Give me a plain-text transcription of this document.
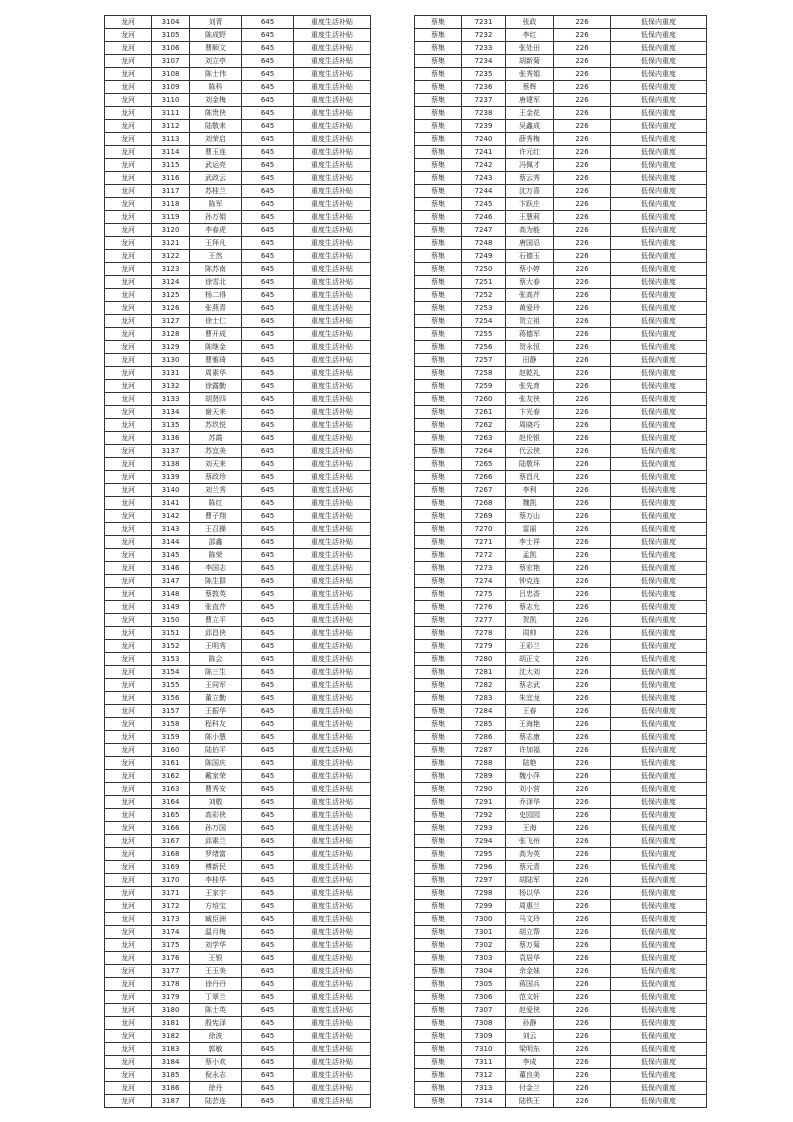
龙河	3104	刘青	645	重度生活补贴
龙河	3105	陈成野	645	重度生活补贴
龙河	3106	曹顺文	645	重度生活补贴
龙河	3107	刘立亭	645	重度生活补贴
龙河	3108	陈士伟	645	重度生活补贴
龙河	3109	陈科	645	重度生活补贴
龙河	3110	刘金梅	645	重度生活补贴
龙河	3111	陈贵侠	645	重度生活补贴
龙河	3112	陆敬来	645	重度生活补贴
龙河	3113	刘荣启	645	重度生活补贴
龙河	3114	曹玉连	645	重度生活补贴
龙河	3115	武运亮	645	重度生活补贴
龙河	3116	武政云	645	重度生活补贴
龙河	3117	苏桂兰	645	重度生活补贴
龙河	3118	陈军	645	重度生活补贴
龙河	3119	孙万娟	645	重度生活补贴
龙河	3120	李春虎	645	重度生活补贴
龙河	3121	王拜凡	645	重度生活补贴
龙河	3122	王然	645	重度生活补贴
龙河	3123	陈苏南	645	重度生活补贴
龙河	3124	徐雪北	645	重度生活补贴
龙河	3125	杨二得	645	重度生活补贴
龙河	3126	张燕青	645	重度生活补贴
龙河	3127	徐士仁	645	重度生活补贴
龙河	3128	曹开成	645	重度生活补贴
龙河	3129	陈继金	645	重度生活补贴
龙河	3130	曹雅琦	645	重度生活补贴
龙河	3131	周素华	645	重度生活补贴
龙河	3132	徐露勤	645	重度生活补贴
龙河	3133	胡贤四	645	重度生活补贴
龙河	3134	谢天来	645	重度生活补贴
龙河	3135	苏玖悦	645	重度生活补贴
龙河	3136	苏霞	645	重度生活补贴
龙河	3137	苏宜美	645	重度生活补贴
龙河	3138	刘天来	645	重度生活补贴
龙河	3139	蔡政珍	645	重度生活补贴
龙河	3140	刘兰秀	645	重度生活补贴
龙河	3141	陈红	645	重度生活补贴
龙河	3142	曹子翔	645	重度生活补贴
龙河	3143	王召操	645	重度生活补贴
龙河	3144	邵鑫	645	重度生活补贴
龙河	3145	陈荣	645	重度生活补贴
龙河	3146	李国志	645	重度生活补贴
龙河	3147	陈生群	645	重度生活补贴
龙河	3148	蔡敦英	645	重度生活补贴
龙河	3149	张直芹	645	重度生活补贴
龙河	3150	曹立平	645	重度生活补贴
龙河	3151	邱昌侠	645	重度生活补贴
龙河	3152	王明秀	645	重度生活补贴
龙河	3153	陈会	645	重度生活补贴
龙河	3154	陈三生	645	重度生活补贴
龙河	3155	王同军	645	重度生活补贴
龙河	3156	董立勤	645	重度生活补贴
龙河	3157	王振华	645	重度生活补贴
龙河	3158	程科友	645	重度生活补贴
龙河	3159	陈小慧	645	重度生活补贴
龙河	3160	陆伯平	645	重度生活补贴
龙河	3161	陈国庆	645	重度生活补贴
龙河	3162	戴家荣	645	重度生活补贴
龙河	3163	曹秀安	645	重度生活补贴
龙河	3164	刘敬	645	重度生活补贴
龙河	3165	高彩侠	645	重度生活补贴
龙河	3166	孙万国	645	重度生活补贴
龙河	3167	邱素兰	645	重度生活补贴
龙河	3168	罗绪富	645	重度生活补贴
龙河	3169	傅新民	645	重度生活补贴
龙河	3170	李桂华	645	重度生活补贴
龙河	3171	王家宇	645	重度生活补贴
龙河	3172	方培宝	645	重度生活补贴
龙河	3173	臧臣洲	645	重度生活补贴
龙河	3174	温月梅	645	重度生活补贴
龙河	3175	刘学华	645	重度生活补贴
龙河	3176	王银	645	重度生活补贴
龙河	3177	王玉美	645	重度生活补贴
龙河	3178	徐丹丹	645	重度生活补贴
龙河	3179	丁翠兰	645	重度生活补贴
龙河	3180	陈士英	645	重度生活补贴
龙河	3181	殷宪泽	645	重度生活补贴
龙河	3182	徐波	645	重度生活补贴
龙河	3183	郭敏	645	重度生活补贴
龙河	3184	蔡小欢	645	重度生活补贴
龙河	3185	倪永志	645	重度生活补贴
龙河	3186	徐丹	645	重度生活补贴
龙河	3187	陆芸连	645	重度生活补贴
蔡集	7231	张政	226	低保内重度
蔡集	7232	李红	226	低保内重度
蔡集	7233	张处田	226	低保内重度
蔡集	7234	胡新菊	226	低保内重度
蔡集	7235	张秀娟	226	低保内重度
蔡集	7236	蔡辉	226	低保内重度
蔡集	7237	唐建军	226	低保内重度
蔡集	7238	王金花	226	低保内重度
蔡集	7239	吴鑫成	226	低保内重度
蔡集	7240	薛秀梅	226	低保内重度
蔡集	7241	许元红	226	低保内重度
蔡集	7242	冯佩才	226	低保内重度
蔡集	7243	蔡云秀	226	低保内重度
蔡集	7244	沈万喜	226	低保内重度
蔡集	7245	卞跃庄	226	低保内重度
蔡集	7246	王慧莉	226	低保内重度
蔡集	7247	高为能	226	低保内重度
蔡集	7248	唐国忍	226	低保内重度
蔡集	7249	石德玉	226	低保内重度
蔡集	7250	蔡小婷	226	低保内重度
蔡集	7251	蔡大春	226	低保内重度
蔡集	7252	张高芹	226	低保内重度
蔡集	7253	黄爱玲	226	低保内重度
蔡集	7254	贺立祖	226	低保内重度
蔡集	7255	蒋德军	226	低保内重度
蔡集	7256	贺永恒	226	低保内重度
蔡集	7257	田静	226	低保内重度
蔡集	7258	赵乾礼	226	低保内重度
蔡集	7259	张先育	226	低保内重度
蔡集	7260	张友侠	226	低保内重度
蔡集	7261	卞光春	226	低保内重度
蔡集	7262	周晓巧	226	低保内重度
蔡集	7263	赵伦银	226	低保内重度
蔡集	7264	代云侠	226	低保内重度
蔡集	7265	陆敬环	226	低保内重度
蔡集	7266	蔡昌凡	226	低保内重度
蔡集	7267	李利	226	低保内重度
蔡集	7268	魏凯	226	低保内重度
蔡集	7269	蔡万山	226	低保内重度
蔡集	7270	雷丽	226	低保内重度
蔡集	7271	李士祥	226	低保内重度
蔡集	7272	孟凯	226	低保内重度
蔡集	7273	蔡宏艳	226	低保内重度
蔡集	7274	钟克连	226	低保内重度
蔡集	7275	吕忠香	226	低保内重度
蔡集	7276	蔡志允	226	低保内重度
蔡集	7277	贺凯	226	低保内重度
蔡集	7278	周帅	226	低保内重度
蔡集	7279	王彩兰	226	低保内重度
蔡集	7280	胡正文	226	低保内重度
蔡集	7281	沈大刘	226	低保内重度
蔡集	7282	蔡志武	226	低保内重度
蔡集	7283	朱宜龙	226	低保内重度
蔡集	7284	王春	226	低保内重度
蔡集	7285	王海艳	226	低保内重度
蔡集	7286	蔡志康	226	低保内重度
蔡集	7287	许加福	226	低保内重度
蔡集	7288	陆艳	226	低保内重度
蔡集	7289	魏小萍	226	低保内重度
蔡集	7290	刘小营	226	低保内重度
蔡集	7291	乔泽华	226	低保内重度
蔡集	7292	史园园	226	低保内重度
蔡集	7293	王海	226	低保内重度
蔡集	7294	张飞州	226	低保内重度
蔡集	7295	高为英	226	低保内重度
蔡集	7296	蔡元青	226	低保内重度
蔡集	7297	胡陆军	226	低保内重度
蔡集	7298	杨以华	226	低保内重度
蔡集	7299	周惠兰	226	低保内重度
蔡集	7300	马文玲	226	低保内重度
蔡集	7301	胡立帮	226	低保内重度
蔡集	7302	蔡万菊	226	低保内重度
蔡集	7303	袁居华	226	低保内重度
蔡集	7304	余金妹	226	低保内重度
蔡集	7305	蒋国兵	226	低保内重度
蔡集	7306	范文轩	226	低保内重度
蔡集	7307	赵爱侠	226	低保内重度
蔡集	7308	孙静	226	低保内重度
蔡集	7309	刘云	226	低保内重度
蔡集	7310	梁明东	226	低保内重度
蔡集	7311	李成	226	低保内重度
蔡集	7312	董良美	226	低保内重度
蔡集	7313	付金兰	226	低保内重度
蔡集	7314	陆铁王	226	低保内重度
